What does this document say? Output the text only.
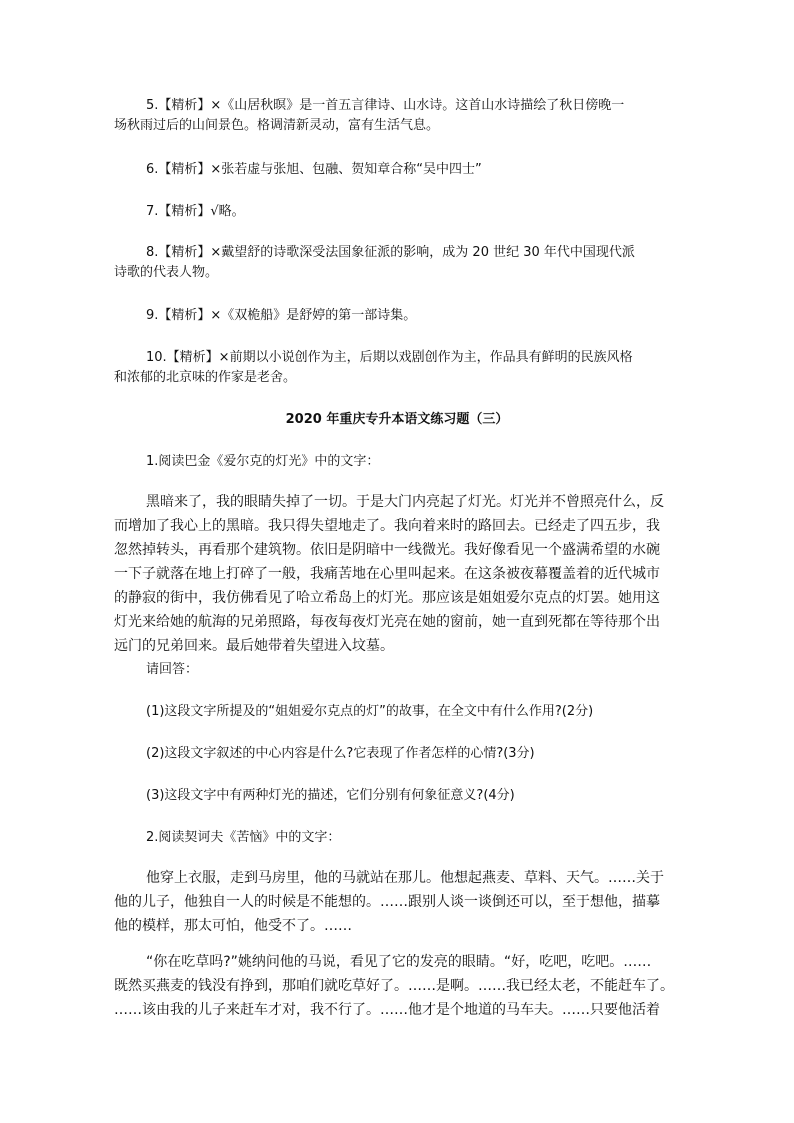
5.【精析】×《山居秋暝》是一首五言律诗、山水诗。这首山水诗描绘了秋日傍晚一
场秋雨过后的山间景色。格调清新灵动，富有生活气息。
6.【精析】×张若虚与张旭、包融、贺知章合称“吴中四士”
7.【精析】√略。
8.【精析】×戴望舒的诗歌深受法国象征派的影响，成为 20 世纪 30 年代中国现代派
诗歌的代表人物。
9.【精析】×《双桅船》是舒婷的第一部诗集。
10.【精析】×前期以小说创作为主，后期以戏剧创作为主，作品具有鲜明的民族风格
和浓郁的北京味的作家是老舍。
2020 年重庆专升本语文练习题（三）

1.阅读巴金《爱尔克的灯光》中的文字：

黑暗来了，我的眼睛失掉了一切。于是大门内亮起了灯光。灯光并不曾照亮什么，反
而增加了我心上的黑暗。我只得失望地走了。我向着来时的路回去。已经走了四五步，我
忽然掉转头，再看那个建筑物。依旧是阴暗中一线微光。我好像看见一个盛满希望的水碗
一下子就落在地上打碎了一般，我痛苦地在心里叫起来。在这条被夜幕覆盖着的近代城市
的静寂的街中，我仿佛看见了哈立希岛上的灯光。那应该是姐姐爱尔克点的灯罢。她用这
灯光来给她的航海的兄弟照路，每夜每夜灯光亮在她的窗前，她一直到死都在等待那个出
远门的兄弟回来。最后她带着失望进入坟墓。

请回答：

(1)这段文字所提及的“姐姐爱尔克点的灯”的故事，在全文中有什么作用?(2分)

(2)这段文字叙述的中心内容是什么?它表现了作者怎样的心情?(3分)

(3)这段文字中有两种灯光的描述，它们分别有何象征意义?(4分)

2.阅读契诃夫《苦恼》中的文字：

他穿上衣服，走到马房里，他的马就站在那儿。他想起燕麦、草料、天气。……关于
他的儿子，他独自一人的时候是不能想的。……跟别人谈一谈倒还可以，至于想他，描摹
他的模样，那太可怕，他受不了。……
“你在吃草吗?”姚纳问他的马说，看见了它的发亮的眼睛。“好，吃吧，吃吧。……
既然买燕麦的钱没有挣到，那咱们就吃草好了。……是啊。……我已经太老，不能赶车了。
……该由我的儿子来赶车才对，我不行了。……他才是个地道的马车夫。……只要他活着
